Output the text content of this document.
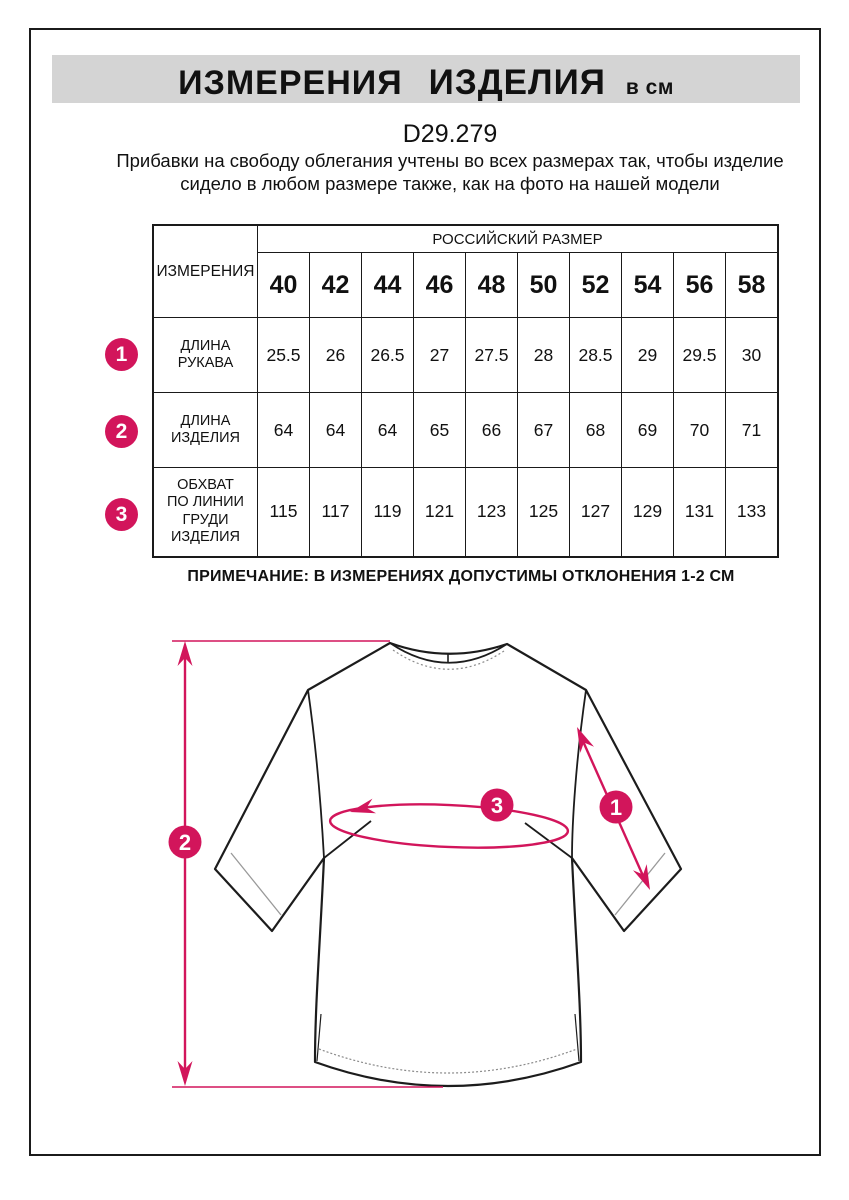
ИЗМЕРЕНИЯ ИЗДЕЛИЯ в см
D29.279
Прибавки на свободу облегания учтены во всех размерах так, чтобы изделие сидело в любом размере также, как на фото на нашей модели
ИЗМЕРЕНИЯ	РОССИЙСКИЙ РАЗМЕР									
	40	42	44	46	48	50	52	54	56	58
ДЛИНА РУКАВА	25.5	26	26.5	27	27.5	28	28.5	29	29.5	30
ДЛИНА ИЗДЕЛИЯ	64	64	64	65	66	67	68	69	70	71
ОБХВАТ ПО ЛИНИИ ГРУДИ ИЗДЕЛИЯ	115	117	119	121	123	125	127	129	131	133
1
2
3
ПРИМЕЧАНИЕ: В ИЗМЕРЕНИЯХ ДОПУСТИМЫ ОТКЛОНЕНИЯ 1-2 СМ
2
1
3
